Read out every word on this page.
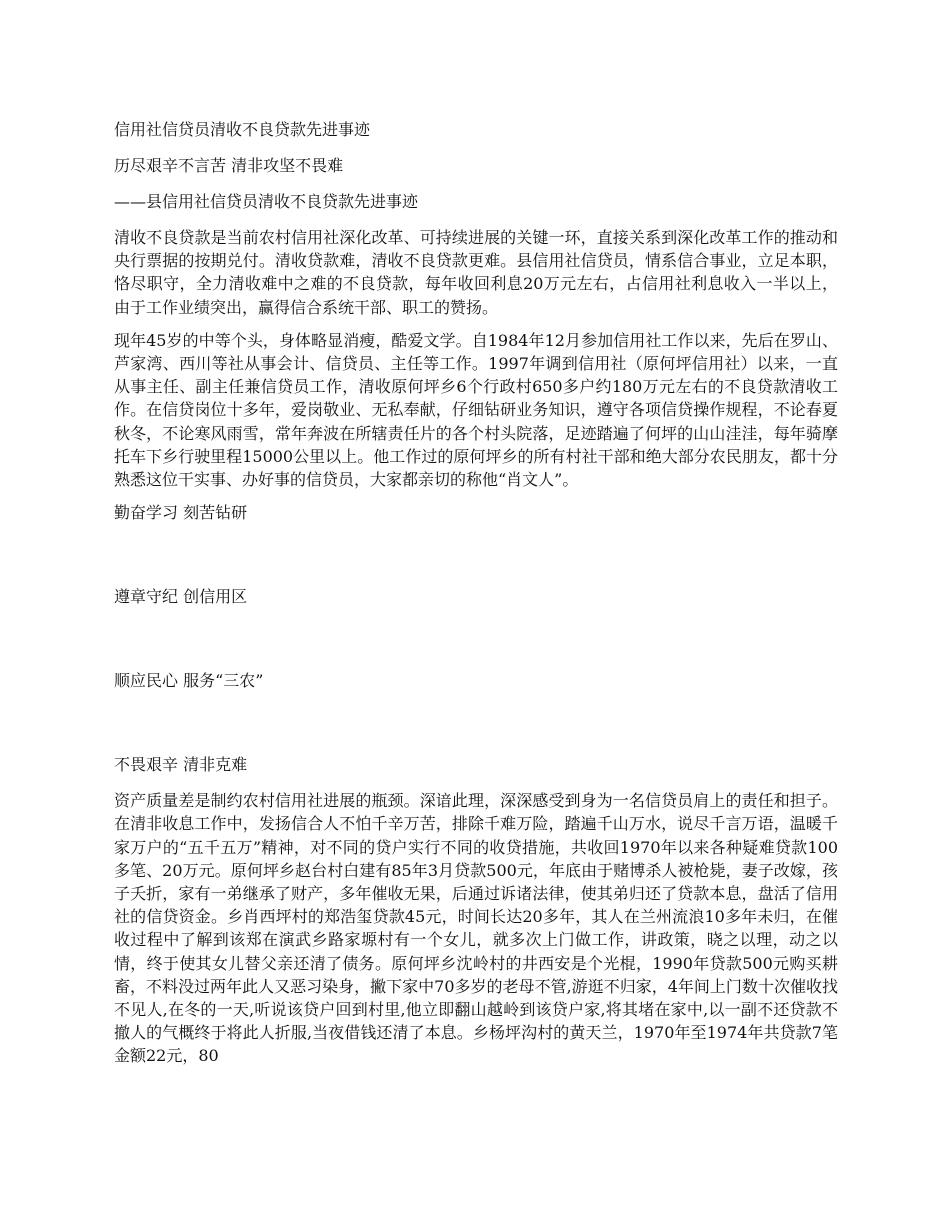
信用社信贷员清收不良贷款先进事迹
历尽艰辛不言苦 清非攻坚不畏难
——县信用社信贷员清收不良贷款先进事迹

清收不良贷款是当前农村信用社深化改革、可持续进展的关键一环，直接关系到深化改革工作的推动和央行票据的按期兑付。清收贷款难，清收不良贷款更难。县信用社信贷员，情系信合事业，立足本职，恪尽职守，全力清收难中之难的不良贷款，每年收回利息20万元左右，占信用社利息收入一半以上，由于工作业绩突出，赢得信合系统干部、职工的赞扬。

现年45岁的中等个头，身体略显消瘦，酷爱文学。自1984年12月参加信用社工作以来，先后在罗山、芦家湾、西川等社从事会计、信贷员、主任等工作。1997年调到信用社（原何坪信用社）以来，一直从事主任、副主任兼信贷员工作，清收原何坪乡6个行政村650多户约180万元左右的不良贷款清收工作。在信贷岗位十多年，爱岗敬业、无私奉献，仔细钻研业务知识，遵守各项信贷操作规程，不论春夏秋冬，不论寒风雨雪，常年奔波在所辖责任片的各个村头院落，足迹踏遍了何坪的山山洼洼，每年骑摩托车下乡行驶里程15000公里以上。他工作过的原何坪乡的所有村社干部和绝大部分农民朋友，都十分熟悉这位干实事、办好事的信贷员，大家都亲切的称他“肖文人”。

勤奋学习 刻苦钻研
遵章守纪 创信用区
顺应民心 服务“三农”
不畏艰辛 清非克难

资产质量差是制约农村信用社进展的瓶颈。深谙此理，深深感受到身为一名信贷员肩上的责任和担子。在清非收息工作中，发扬信合人不怕千辛万苦，排除千难万险，踏遍千山万水，说尽千言万语，温暖千家万户的“五千五万”精神，对不同的贷户实行不同的收贷措施，共收回1970年以来各种疑难贷款100多笔、20万元。原何坪乡赵台村白建有85年3月贷款500元，年底由于赌博杀人被枪毙，妻子改嫁，孩子夭折，家有一弟继承了财产，多年催收无果，后通过诉诸法律，使其弟归还了贷款本息，盘活了信用社的信贷资金。乡肖西坪村的郑浩玺贷款45元，时间长达20多年，其人在兰州流浪10多年未归，在催收过程中了解到该郑在演武乡路家塬村有一个女儿，就多次上门做工作，讲政策，晓之以理，动之以情，终于使其女儿替父亲还清了债务。原何坪乡沈岭村的井西安是个光棍，1990年贷款500元购买耕畜，不料没过两年此人又恶习染身，撇下家中70多岁的老母不管,游逛不归家，4年间上门数十次催收找不见人,在冬的一天,听说该贷户回到村里,他立即翻山越岭到该贷户家,将其堵在家中,以一副不还贷款不撤人的气概终于将此人折服,当夜借钱还清了本息。乡杨坪沟村的黄天兰，1970年至1974年共贷款7笔金额22元，80
